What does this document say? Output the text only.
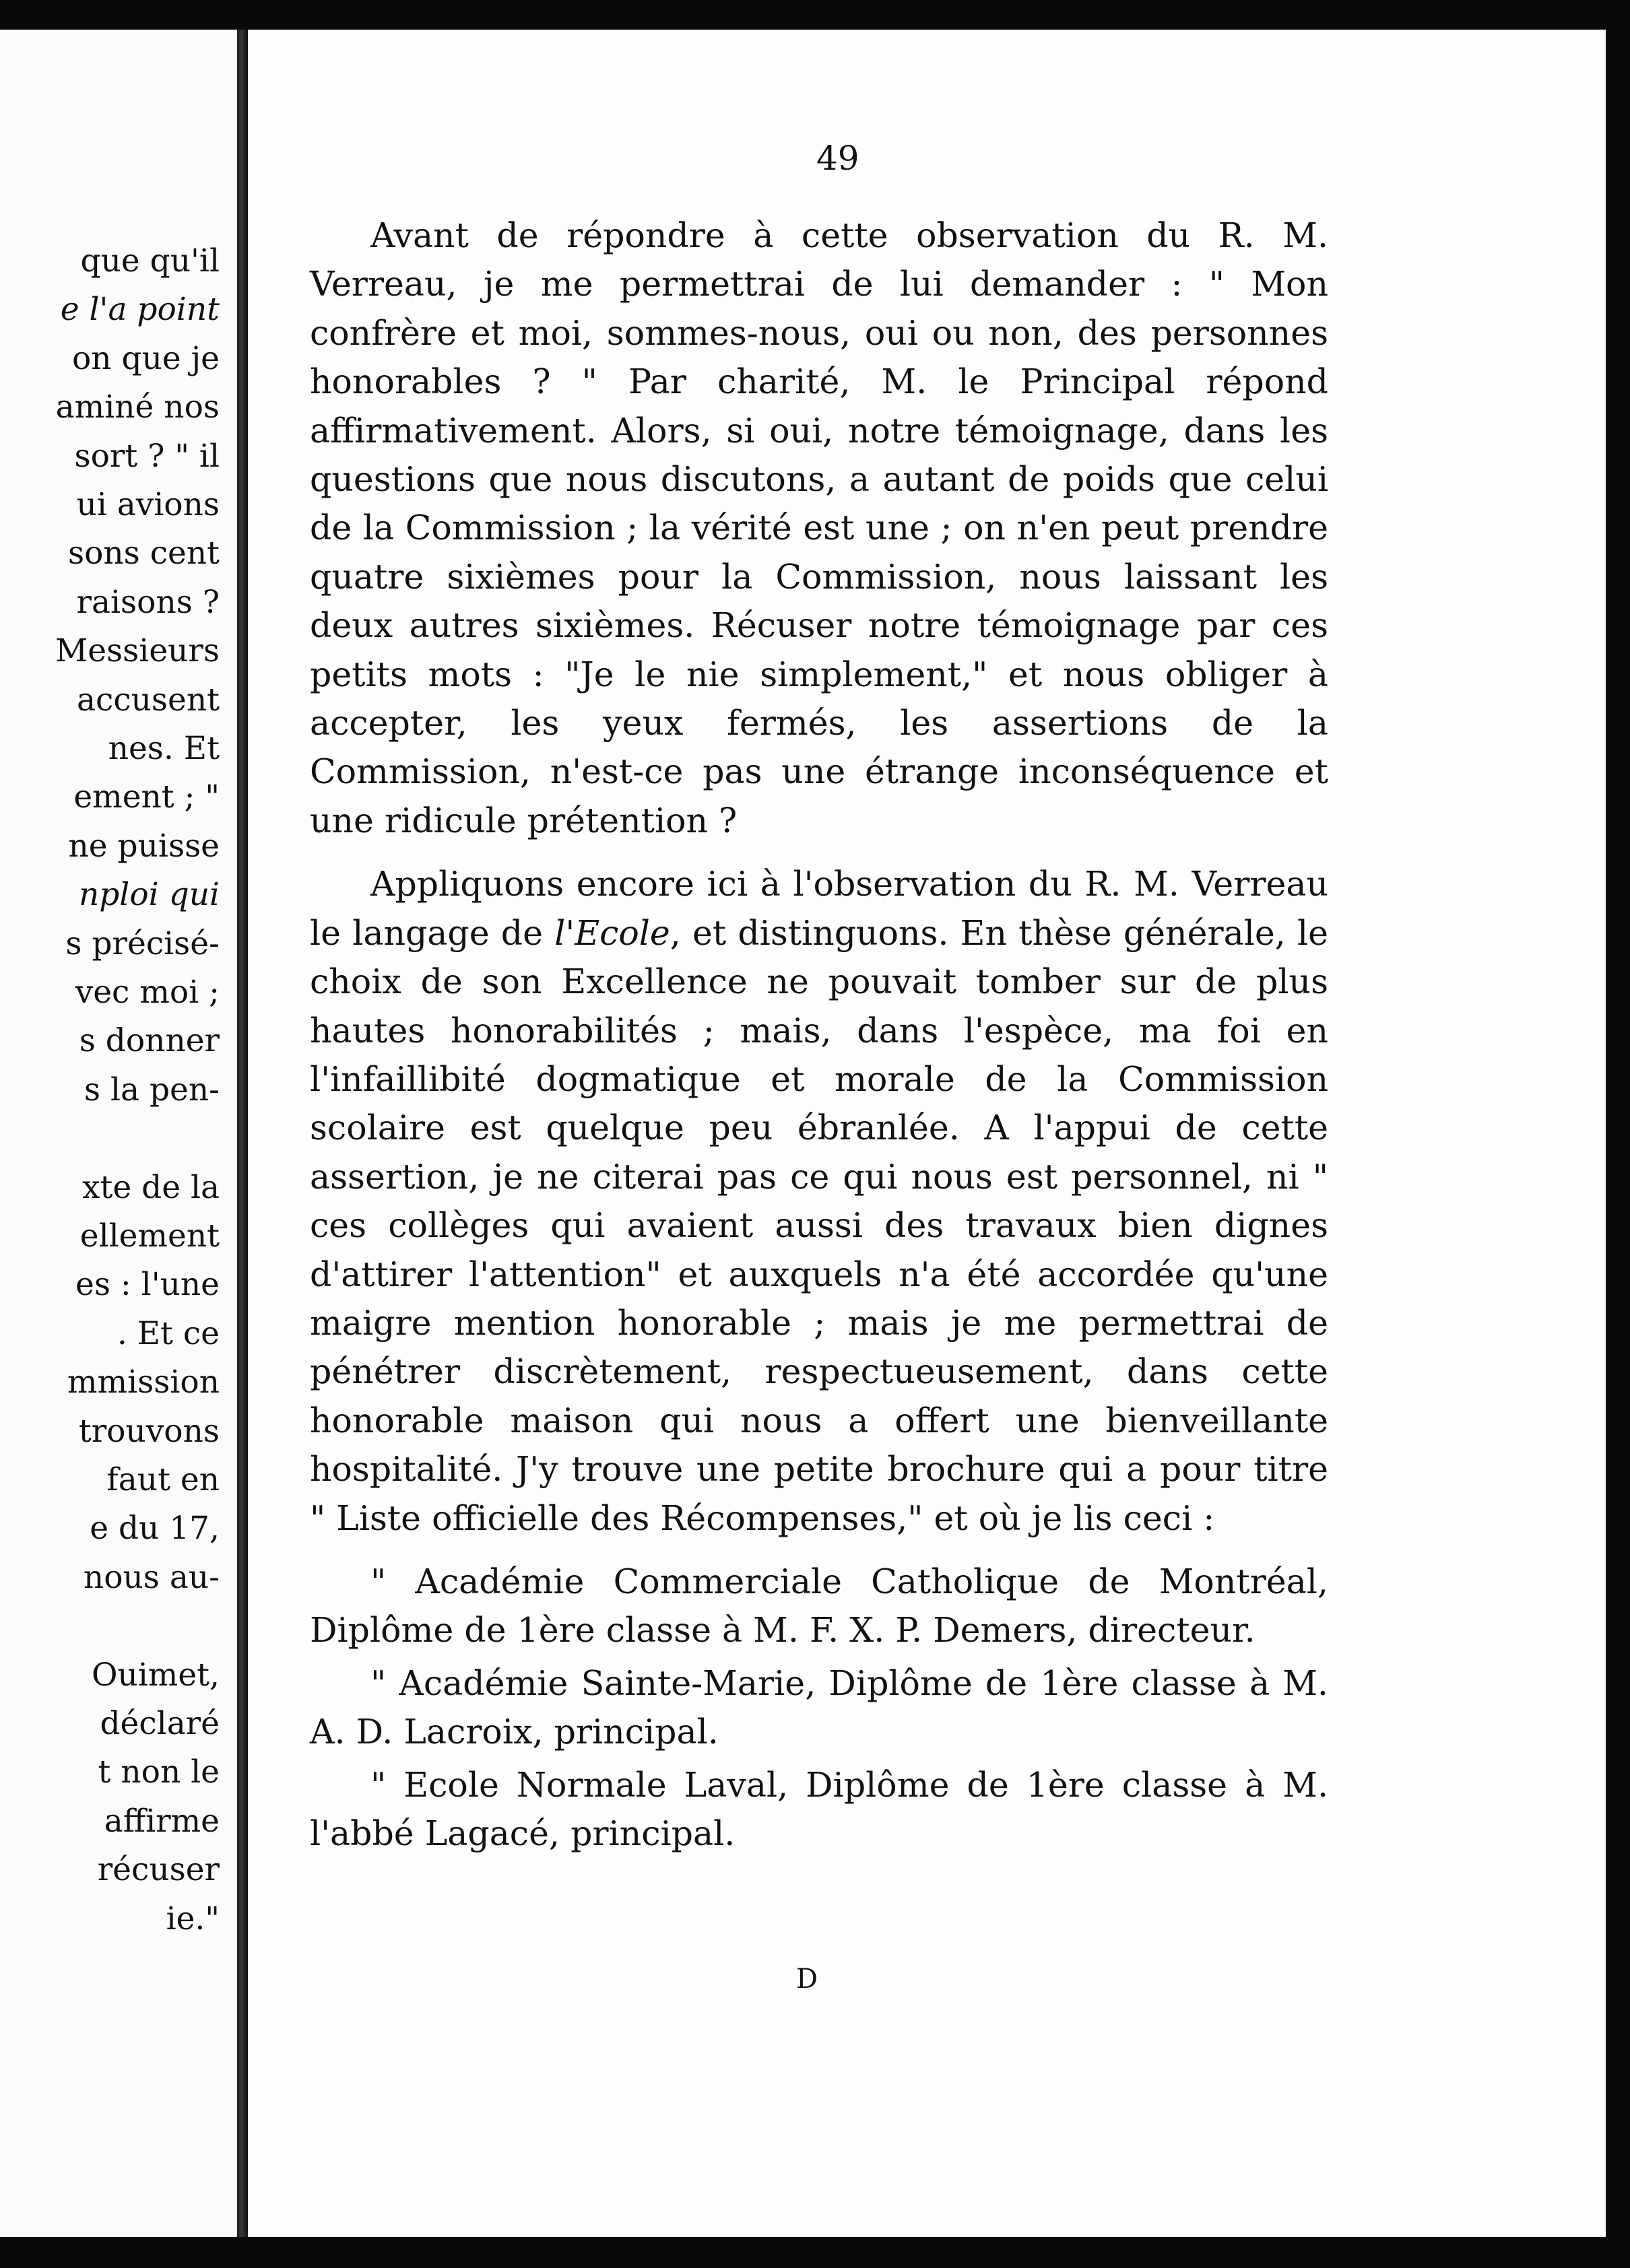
que qu'il
e l'a point
on que je
aminé nos
sort ? " il
ui avions
sons cent
raisons ?
Messieurs
accusent
nes. Et
ement ; "
ne puisse
nploi qui
s précisé-
vec moi ;
s donner
s la pen-
xte de la
ellement
es : l'une
. Et ce
mmission
trouvons
faut en
e du 17,
nous au-
Ouimet,
déclaré
t non le
affirme
récuser
ie."
49

Avant de répondre à cette observation du R. M. Verreau, je me permettrai de lui demander : " Mon confrère et moi, sommes-nous, oui ou non, des personnes honorables ? " Par charité, M. le Principal répond affirmativement. Alors, si oui, notre témoignage, dans les questions que nous discutons, a autant de poids que celui de la Commission ; la vérité est une ; on n'en peut prendre quatre sixièmes pour la Commission, nous laissant les deux autres sixièmes. Récuser notre témoignage par ces petits mots : "Je le nie simplement," et nous obliger à accepter, les yeux fermés, les assertions de la Commission, n'est-ce pas une étrange inconséquence et une ridicule prétention ?

Appliquons encore ici à l'observation du R. M. Verreau le langage de l'Ecole, et distinguons. En thèse générale, le choix de son Excellence ne pouvait tomber sur de plus hautes honorabilités ; mais, dans l'espèce, ma foi en l'infaillibité dogmatique et morale de la Commission scolaire est quelque peu ébranlée. A l'appui de cette assertion, je ne citerai pas ce qui nous est personnel, ni " ces collèges qui avaient aussi des travaux bien dignes d'attirer l'attention" et auxquels n'a été accordée qu'une maigre mention honorable ; mais je me permettrai de pénétrer discrètement, respectueusement, dans cette honorable maison qui nous a offert une bienveillante hospitalité. J'y trouve une petite brochure qui a pour titre " Liste officielle des Récompenses," et où je lis ceci :

" Académie Commerciale Catholique de Montréal, Diplôme de 1ère classe à M. F. X. P. Demers, directeur.

" Académie Sainte-Marie, Diplôme de 1ère classe à M. A. D. Lacroix, principal.

" Ecole Normale Laval, Diplôme de 1ère classe à M. l'abbé Lagacé, principal.

D
